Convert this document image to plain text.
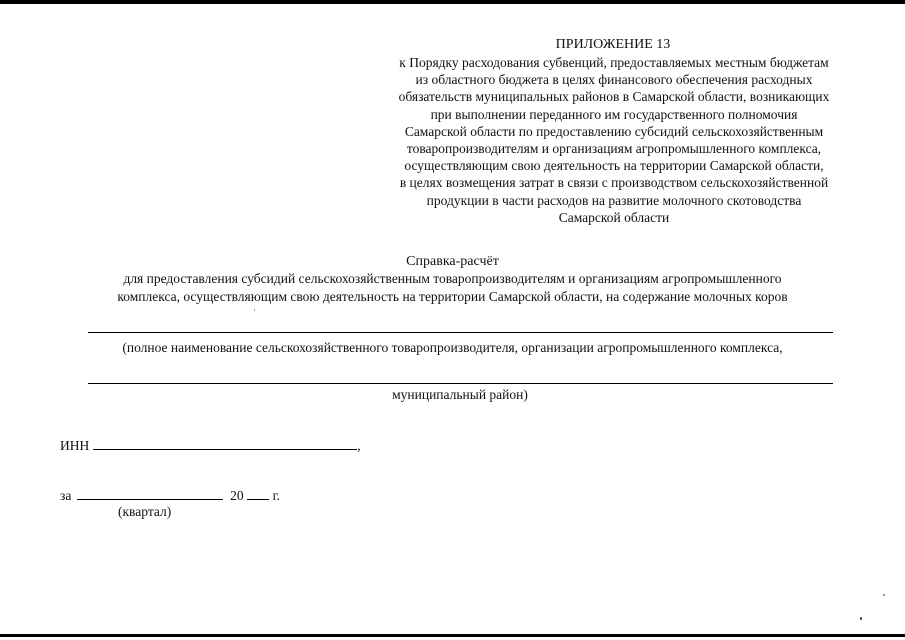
ПРИЛОЖЕНИЕ 13
к Порядку расходования субвенций, предоставляемых местным бюджетам
из областного бюджета в целях финансового обеспечения расходных
обязательств муниципальных районов в Самарской области, возникающих
при выполнении переданного им государственного полномочия
Самарской области по предоставлению субсидий сельскохозяйственным
товаропроизводителям и организациям агропромышленного комплекса,
осуществляющим свою деятельность на территории Самарской области,
в целях возмещения затрат в связи с производством сельскохозяйственной
продукции в части расходов на развитие молочного скотоводства
Самарской области
Справка-расчёт
для предоставления субсидий сельскохозяйственным товаропроизводителям и организациям агропромышленного
комплекса, осуществляющим свою деятельность на территории Самарской области, на содержание молочных коров
(полное наименование сельскохозяйственного товаропроизводителя, организации агропромышленного комплекса,
муниципальный район)
ИНН	,
за	20 г.
(квартал)
